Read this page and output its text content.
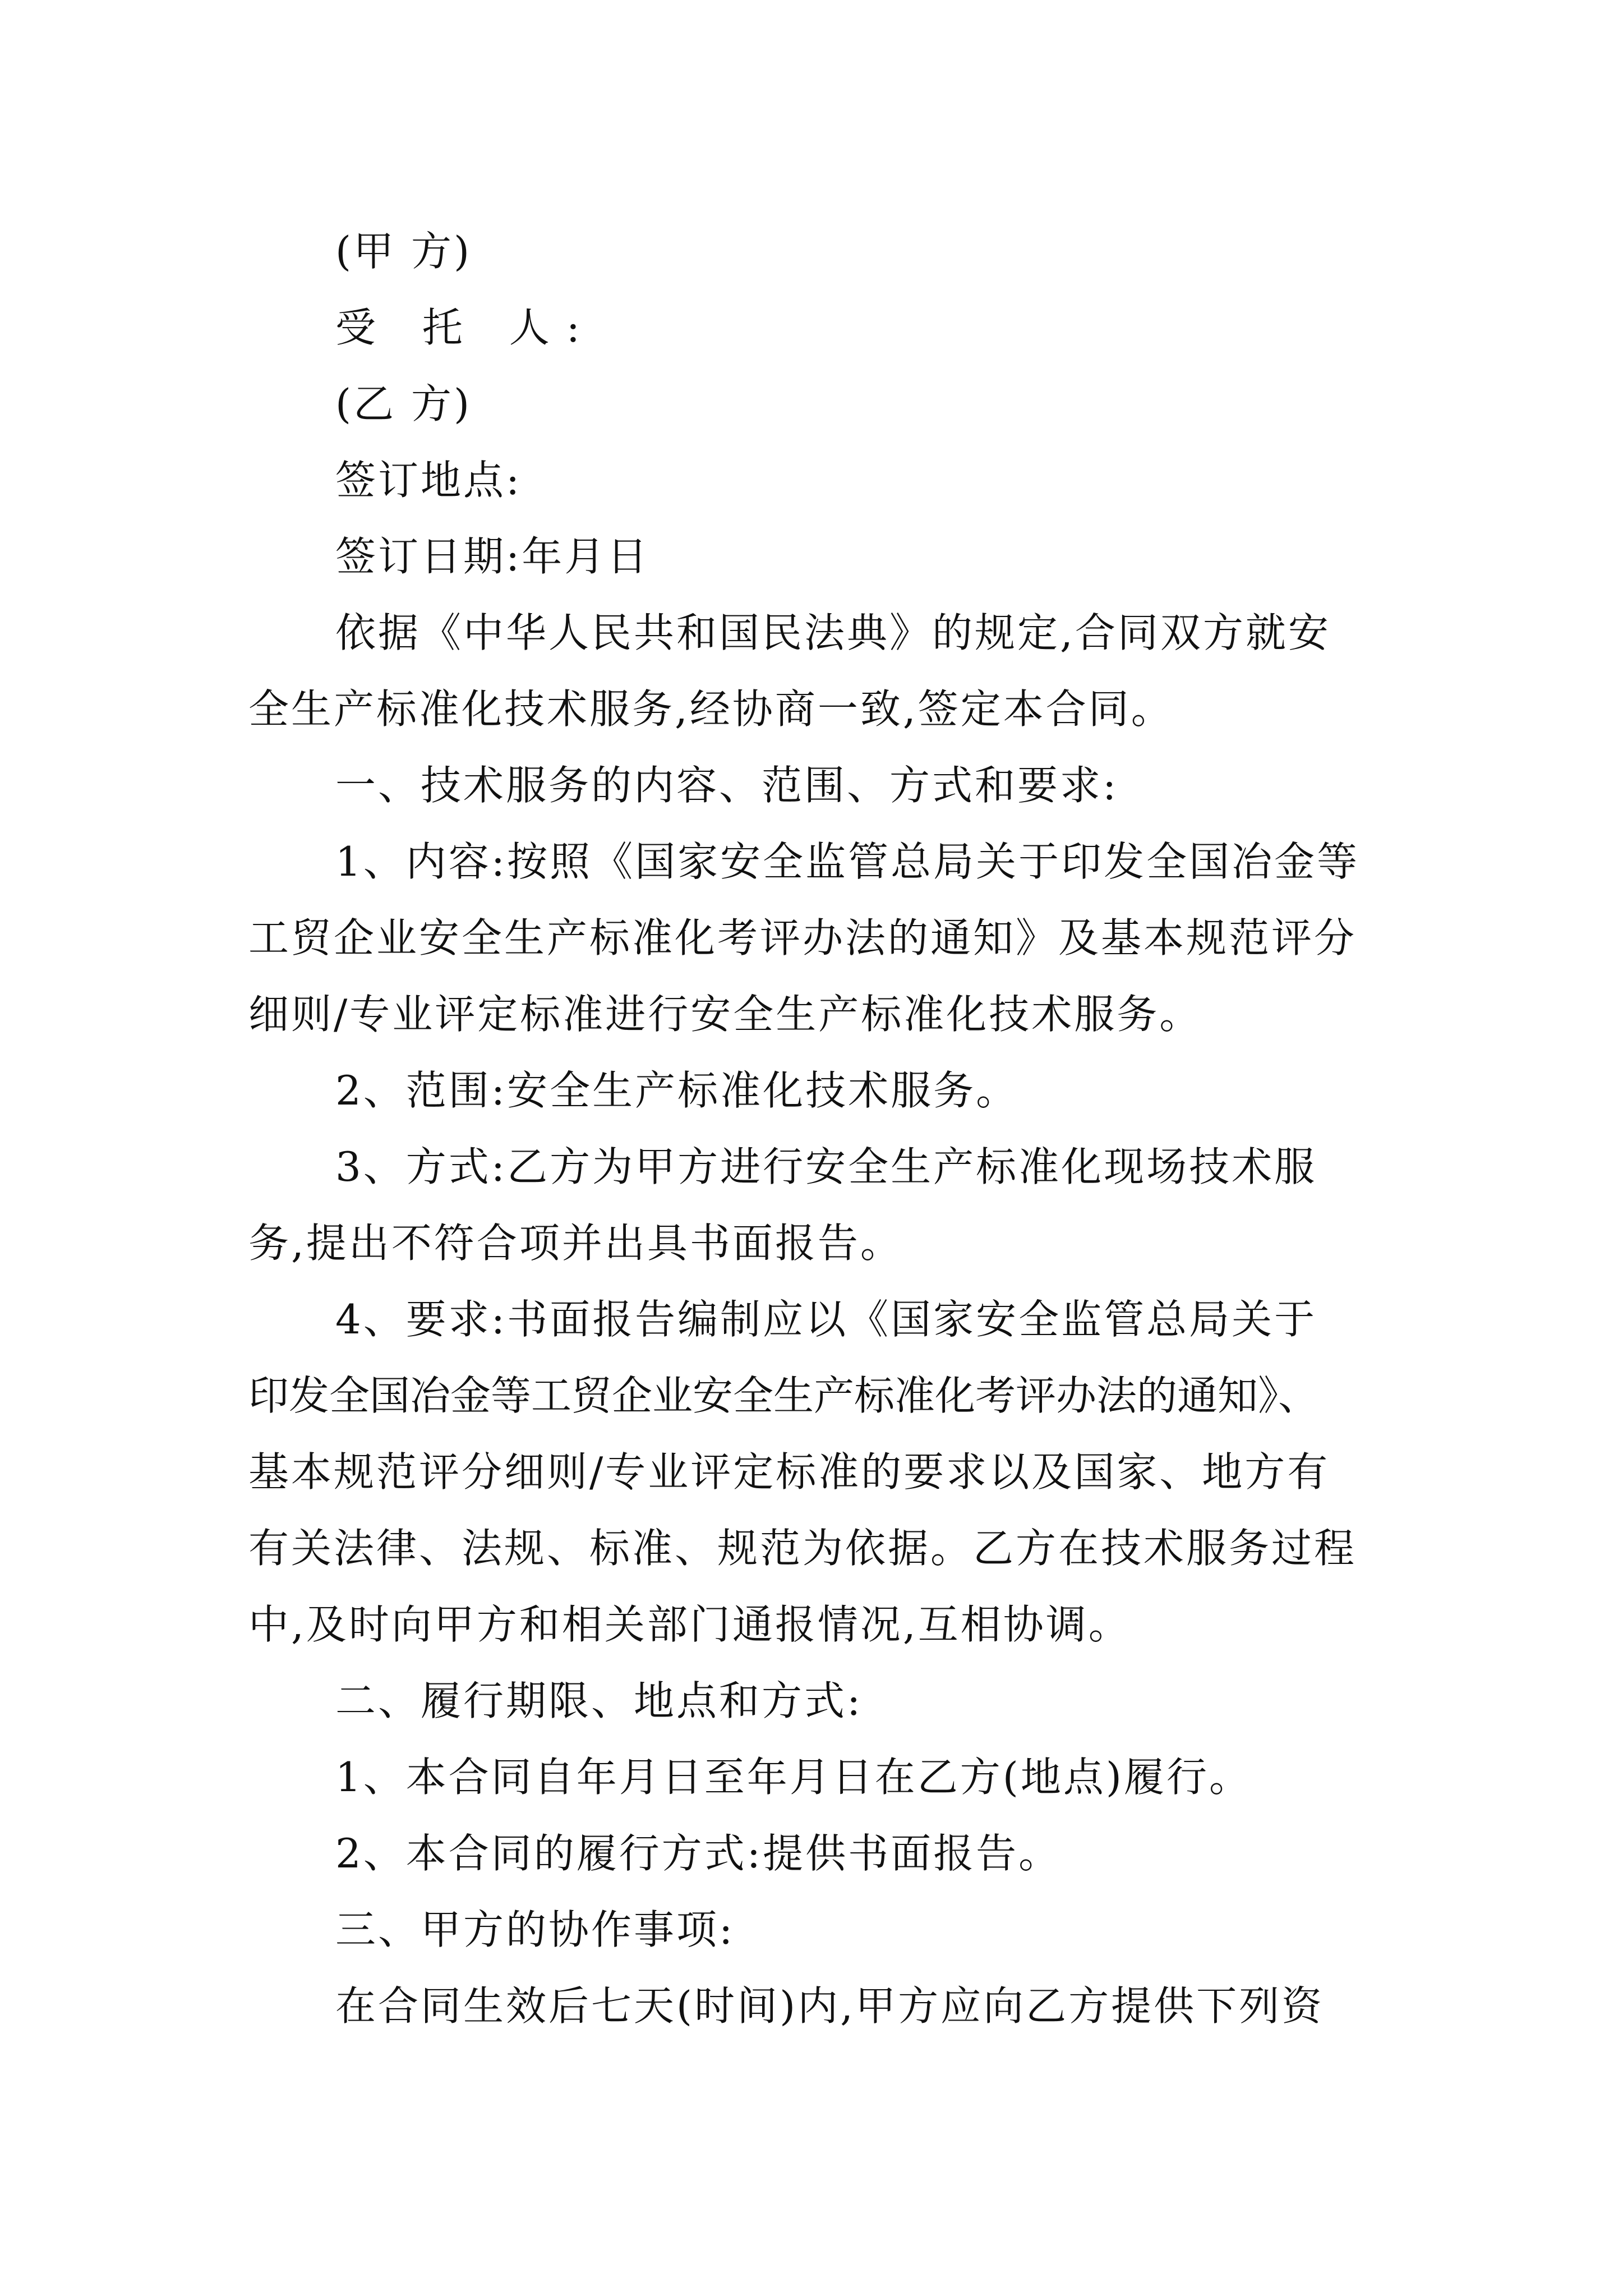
(甲 方)
受 托 人:
(乙 方)
签订地点:
签订日期:年月日
依据《中华人民共和国民法典》的规定,合同双方就安
全生产标准化技术服务,经协商一致,签定本合同。
一、技术服务的内容、范围、方式和要求:
1、内容:按照《国家安全监管总局关于印发全国冶金等
工贸企业安全生产标准化考评办法的通知》及基本规范评分
细则/专业评定标准进行安全生产标准化技术服务。
2、范围:安全生产标准化技术服务。
3、方式:乙方为甲方进行安全生产标准化现场技术服
务,提出不符合项并出具书面报告。
4、要求:书面报告编制应以《国家安全监管总局关于
印发全国冶金等工贸企业安全生产标准化考评办法的通知》、
基本规范评分细则/专业评定标准的要求以及国家、地方有
有关法律、法规、标准、规范为依据。乙方在技术服务过程
中,及时向甲方和相关部门通报情况,互相协调。
二、履行期限、地点和方式:
1、本合同自年月日至年月日在乙方(地点)履行。
2、本合同的履行方式:提供书面报告。
三、甲方的协作事项:
在合同生效后七天(时间)内,甲方应向乙方提供下列资
